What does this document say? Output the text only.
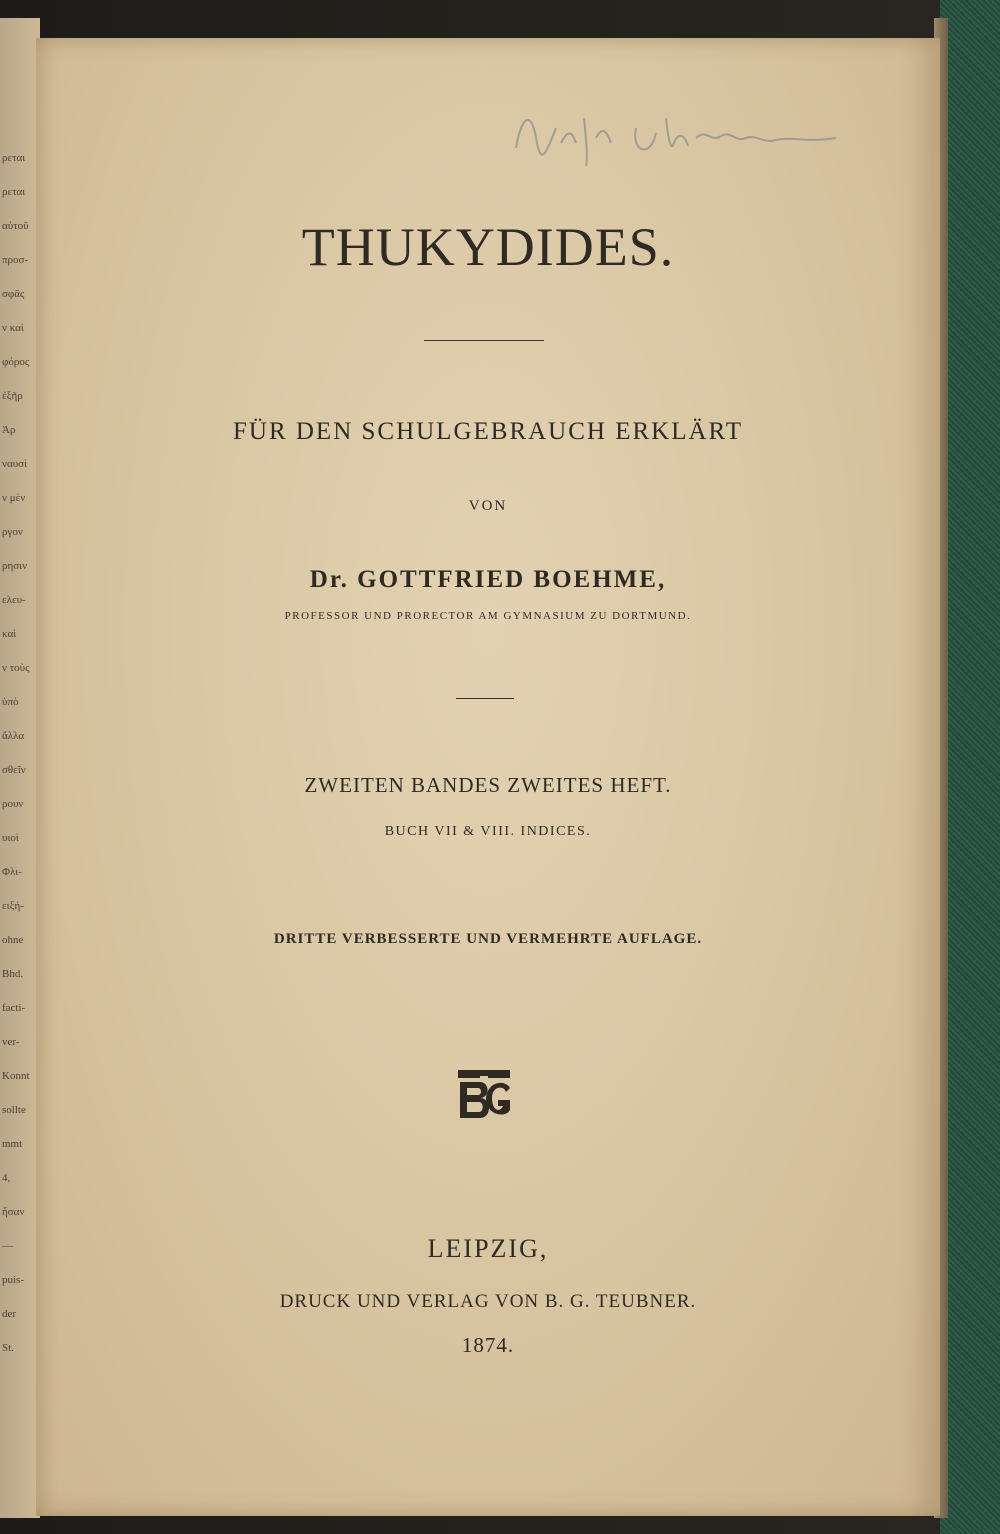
ρεται
ρεται
αὐτοῦ
προσ-
σφᾶς
ν καὶ
φόρος
ἐξῆρ
Ἀρ
ναυσὶ
ν μὲν
ργον
ρησιν
ελευ-
καὶ
ν τοὺς
ὑπὸ
ἄλλα
σθεῖν
ρουν
υιοὶ
Φλι-
ειξή-
ohne
Bhd.
facti-
ver-
Konnt
sollte
mmt
4,
ἦσαν
—
puis-
der
St.
THUKYDIDES.
FÜR DEN SCHULGEBRAUCH ERKLÄRT
VON
Dr. GOTTFRIED BOEHME,
PROFESSOR UND PRORECTOR AM GYMNASIUM ZU DORTMUND.
ZWEITEN BANDES ZWEITES HEFT.
BUCH VII & VIII. INDICES.
DRITTE VERBESSERTE UND VERMEHRTE AUFLAGE.
LEIPZIG,
DRUCK UND VERLAG VON B. G. TEUBNER.
1874.
